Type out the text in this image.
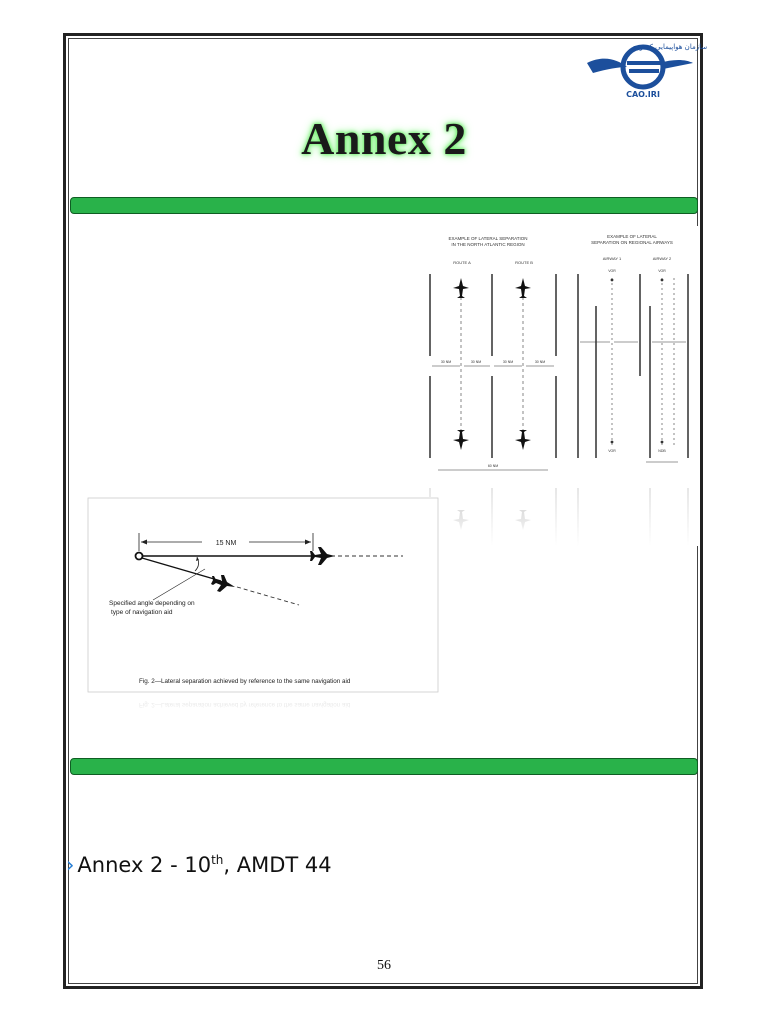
سازمان هواپیمایی کشوری
CAO.IRI
Annex 2
EXAMPLE OF LATERAL SEPARATION
IN THE NORTH ATLANTIC REGION
EXAMPLE OF LATERAL
SEPARATION ON REGIONAL AIRWAYS
ROUTE A	ROUTE B
AIRWAY 1	AIRWAY 2
30 NM	30 NM	30 NM	30 NM
60 NM
VOR	VOR
VOR	NDB
15 NM
Specified angle depending on
type of navigation aid
Fig. 2—Lateral separation achieved by reference to the same navigation aid
› Annex 2 - 10th, AMDT 44
56
